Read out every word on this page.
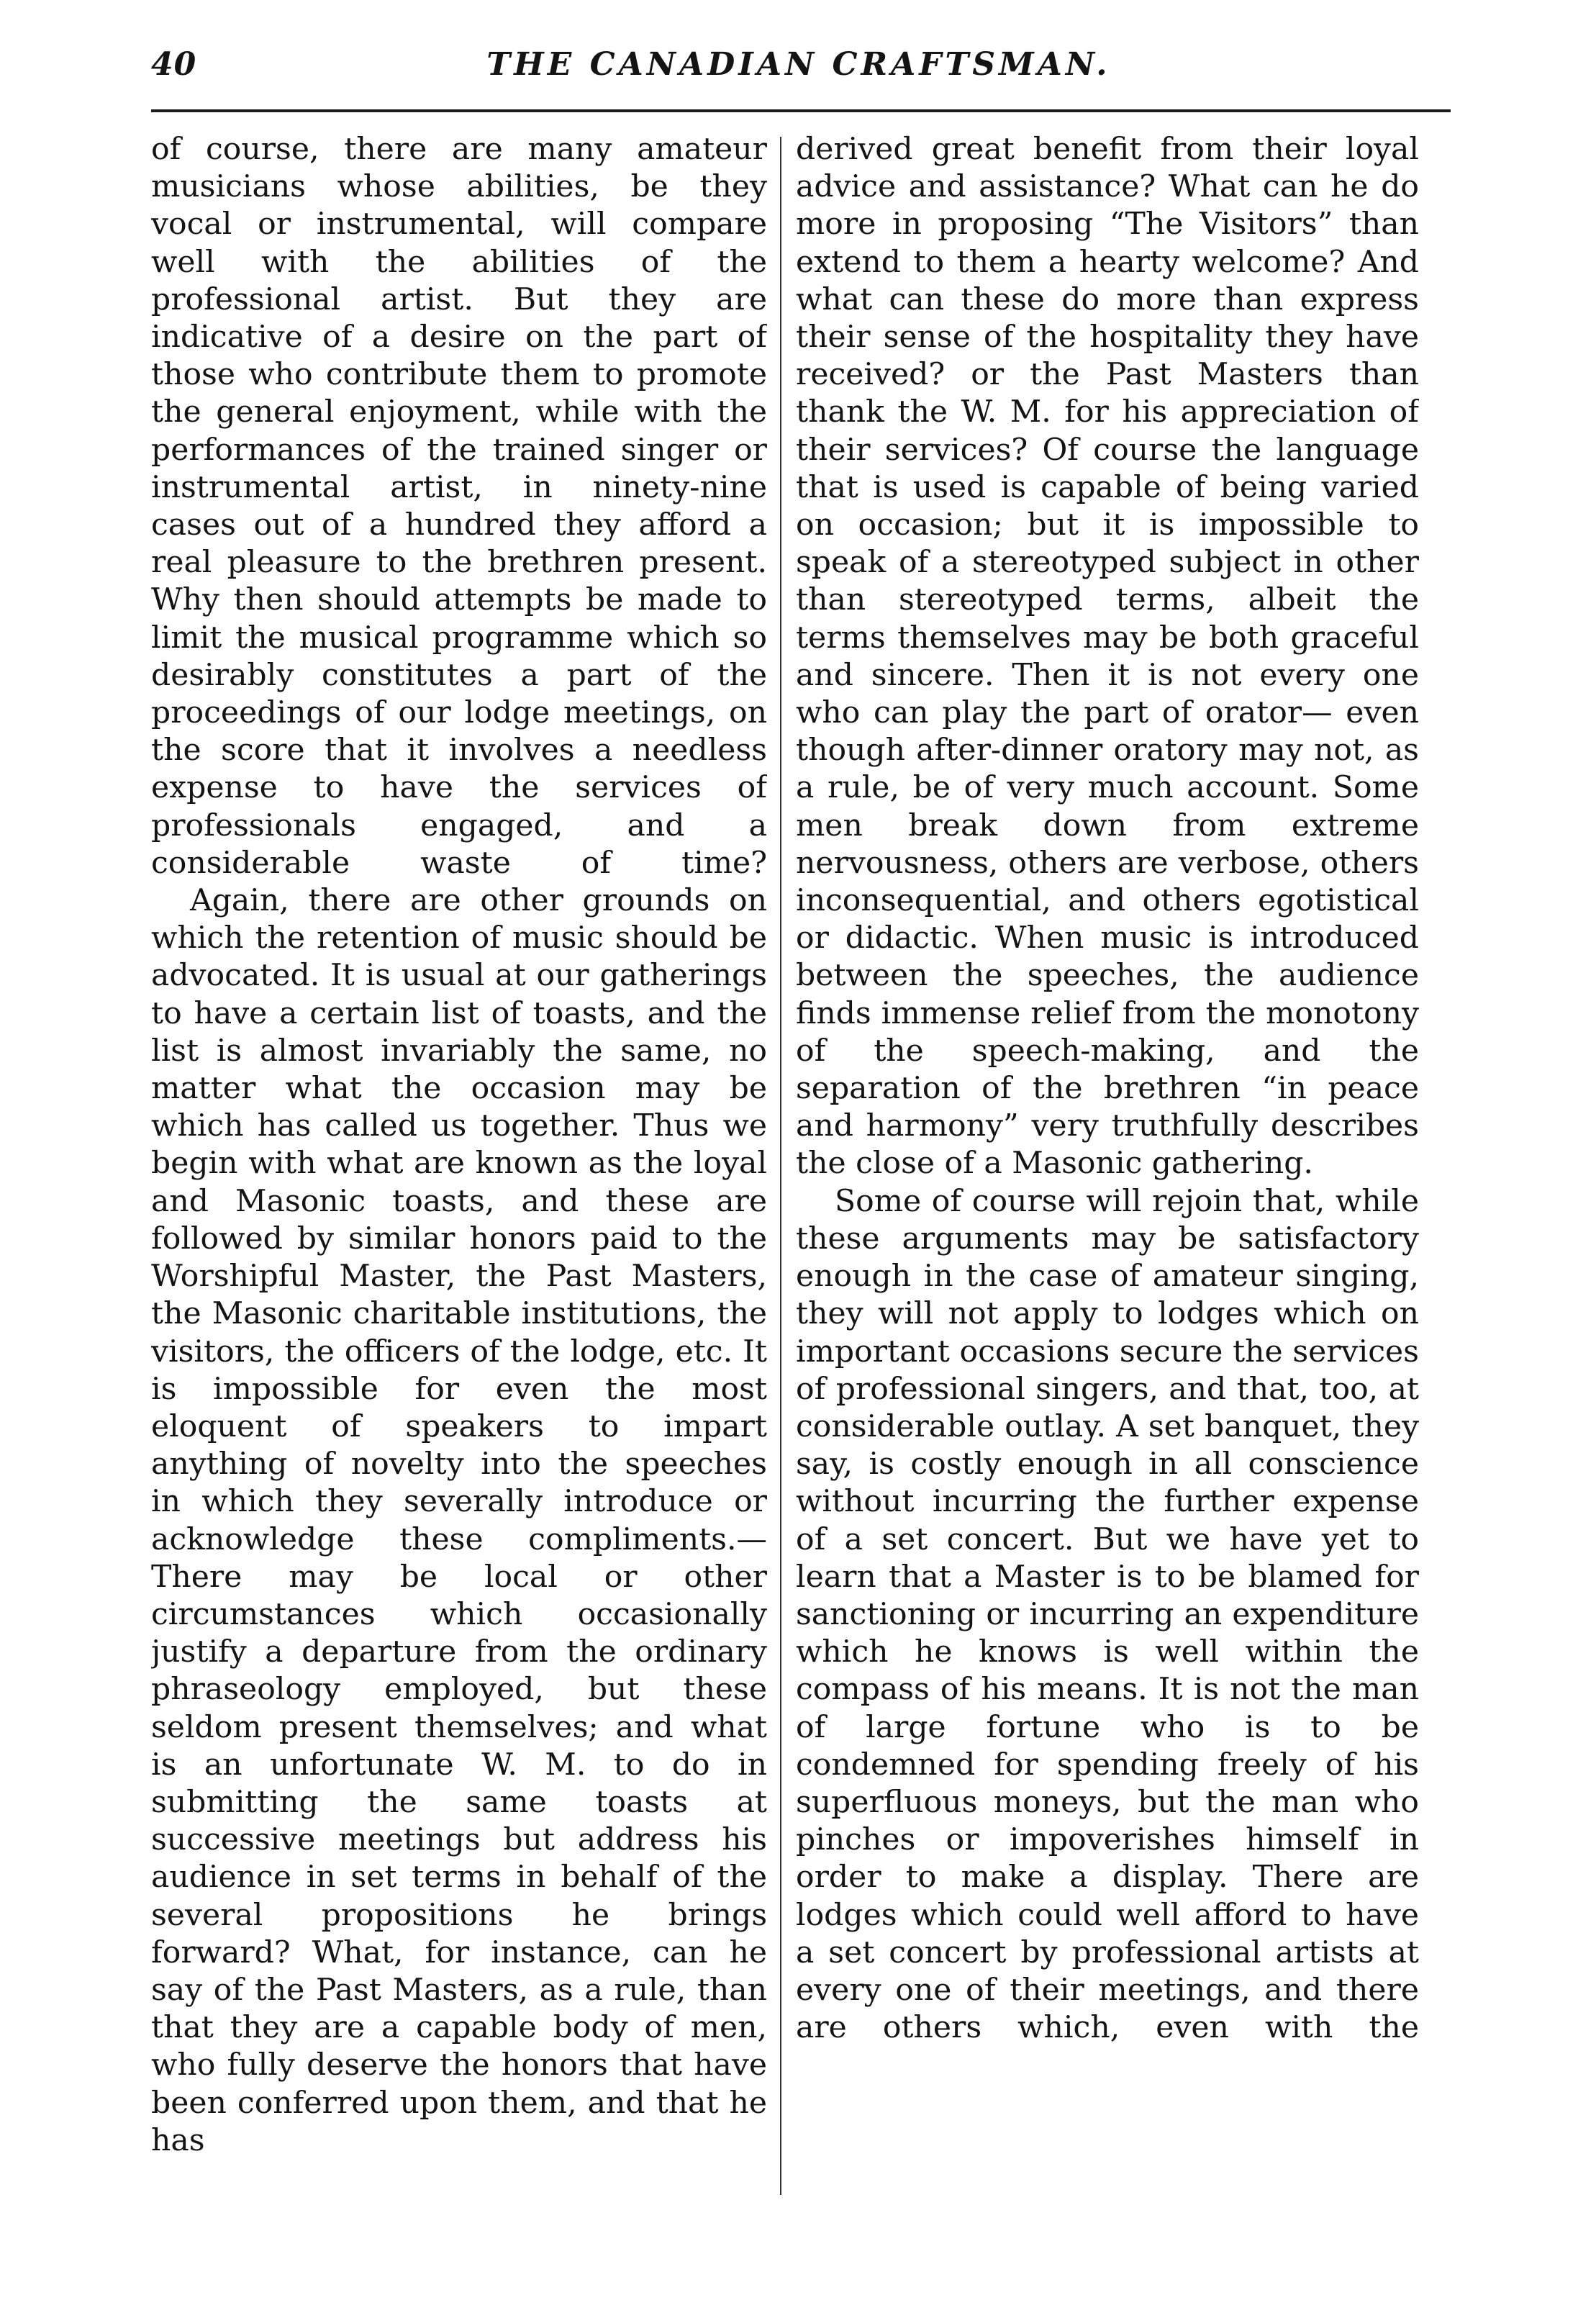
40	THE CANADIAN CRAFTSMAN.

of course, there are many amateur musicians whose abilities, be they vocal or instrumental, will compare well with the abilities of the professional artist. But they are indicative of a desire on the part of those who contribute them to promote the general enjoyment, while with the performances of the trained singer or instrumental artist, in ninety-nine cases out of a hundred they afford a real pleasure to the brethren present. Why then should attempts be made to limit the musical programme which so desirably constitutes a part of the proceedings of our lodge meetings, on the score that it involves a needless expense to have the services of professionals engaged, and a considerable waste of time?

Again, there are other grounds on which the retention of music should be advocated. It is usual at our gatherings to have a certain list of toasts, and the list is almost invariably the same, no matter what the occasion may be which has called us together. Thus we begin with what are known as the loyal and Masonic toasts, and these are followed by similar honors paid to the Worshipful Master, the Past Masters, the Masonic charitable institutions, the visitors, the officers of the lodge, etc. It is impossible for even the most eloquent of speakers to impart anything of novelty into the speeches in which they severally introduce or acknowledge these compliments.— There may be local or other circumstances which occasionally justify a departure from the ordinary phraseology employed, but these seldom present themselves; and what is an unfortunate W. M. to do in submitting the same toasts at successive meetings but address his audience in set terms in behalf of the several propositions he brings forward? What, for instance, can he say of the Past Masters, as a rule, than that they are a capable body of men, who fully deserve the honors that have been conferred upon them, and that he has

derived great benefit from their loyal advice and assistance? What can he do more in proposing “The Visitors” than extend to them a hearty welcome? And what can these do more than express their sense of the hospitality they have received? or the Past Masters than thank the W. M. for his appreciation of their services? Of course the language that is used is capable of being varied on occasion; but it is impossible to speak of a stereotyped subject in other than stereotyped terms, albeit the terms themselves may be both graceful and sincere. Then it is not every one who can play the part of orator— even though after-dinner oratory may not, as a rule, be of very much account. Some men break down from extreme nervousness, others are verbose, others inconsequential, and others egotistical or didactic. When music is introduced between the speeches, the audience finds immense relief from the monotony of the speech-making, and the separation of the brethren “in peace and harmony” very truthfully describes the close of a Masonic gathering.

Some of course will rejoin that, while these arguments may be satisfactory enough in the case of amateur singing, they will not apply to lodges which on important occasions secure the services of professional singers, and that, too, at considerable outlay. A set banquet, they say, is costly enough in all conscience without incurring the further expense of a set concert. But we have yet to learn that a Master is to be blamed for sanctioning or incurring an expenditure which he knows is well within the compass of his means. It is not the man of large fortune who is to be condemned for spending freely of his superfluous moneys, but the man who pinches or impoverishes himself in order to make a display. There are lodges which could well afford to have a set concert by professional artists at every one of their meetings, and there are others which, even with the
